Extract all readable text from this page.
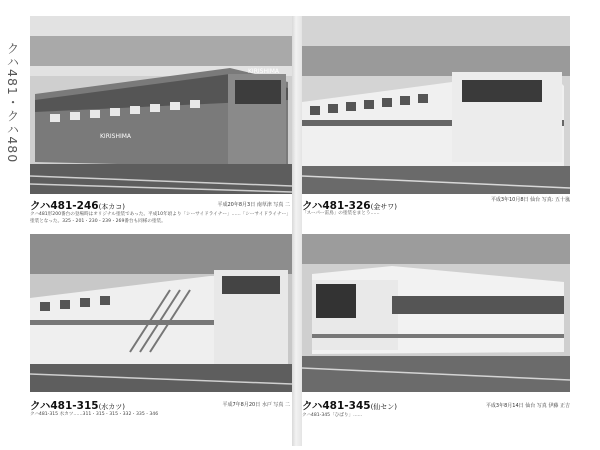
クハ481・クハ480	KIRISHIMA
KIRISHIMA
クハ481-246(本カコ)	平成20年8月3日 南草津 写真 二
クハ481形200番台の登場時はオリジナル塗装であった。平成10年頃より「シーサイドライナー」……「シーサイドライナー」塗装となった。325・201・230・239・269番台も同様の塗装。
クハ481-326(金サワ)
平成3年10月8日 仙台 写真: 五十嵐
「スーパー雷鳥」の塗装をまとう……
クハ481-315(水カツ)	平成7年8月20日 水戸 写真 二
クハ481-315 水カツ……311・315・315・332・335・346
クハ481-345(仙セン)	平成3年8月14日 仙台 写真 伊藤 正吉
クハ481-345「ひばり」……
